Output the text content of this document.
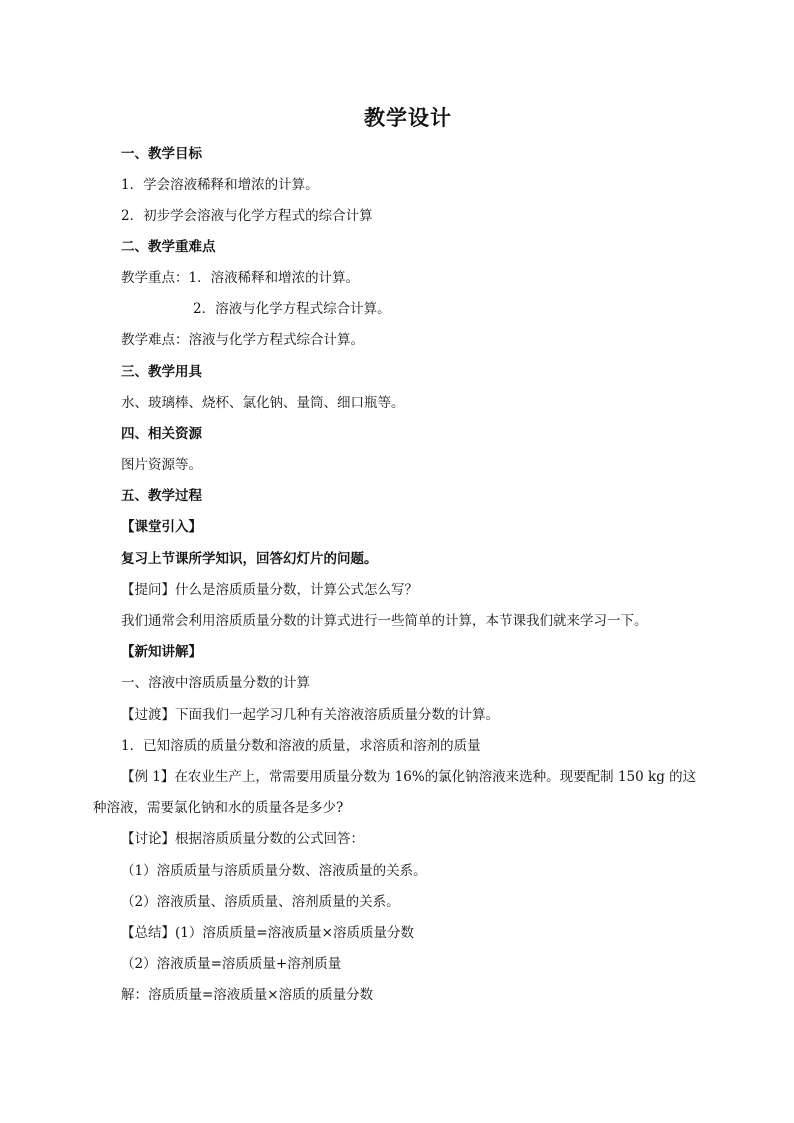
教学设计
一、教学目标
1．学会溶液稀释和增浓的计算。
2．初步学会溶液与化学方程式的综合计算
二、教学重难点
教学重点：1．溶液稀释和增浓的计算。
2．溶液与化学方程式综合计算。
教学难点：溶液与化学方程式综合计算。
三、教学用具
水、玻璃棒、烧杯、氯化钠、量筒、细口瓶等。
四、相关资源
图片资源等。
五、教学过程
【课堂引入】
复习上节课所学知识，回答幻灯片的问题。
【提问】什么是溶质质量分数，计算公式怎么写？
我们通常会利用溶质质量分数的计算式进行一些简单的计算，本节课我们就来学习一下。
【新知讲解】
一、溶液中溶质质量分数的计算
【过渡】下面我们一起学习几种有关溶液溶质质量分数的计算。
1．已知溶质的质量分数和溶液的质量，求溶质和溶剂的质量
【例 1】在农业生产上，常需要用质量分数为 16%的氯化钠溶液来选种。现要配制 150 kg 的这
种溶液，需要氯化钠和水的质量各是多少?
【讨论】根据溶质质量分数的公式回答：
（1）溶质质量与溶质质量分数、溶液质量的关系。
（2）溶液质量、溶质质量、溶剂质量的关系。
【总结】(1）溶质质量=溶液质量×溶质质量分数
（2）溶液质量=溶质质量+溶剂质量
解：溶质质量=溶液质量×溶质的质量分数
